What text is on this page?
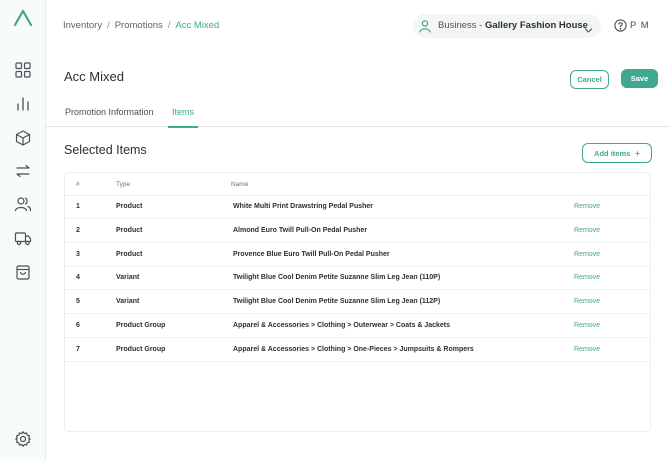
Inventory / Promotions / Acc Mixed	Business - Gallery Fashion House	P M
Acc Mixed	Cancel	Save
Promotion Information Items
Selected Items	Add items +
#	Type	Name
1	Product	White Multi Print Drawstring Pedal Pusher	Remove
2	Product	Almond Euro Twill Pull-On Pedal Pusher	Remove
3	Product	Provence Blue Euro Twill Pull-On Pedal Pusher	Remove
4	Variant	Twilight Blue Cool Denim Petite Suzanne Slim Leg Jean (110P)	Remove
5	Variant	Twilight Blue Cool Denim Petite Suzanne Slim Leg Jean (112P)	Remove
6	Product Group	Apparel & Accessories > Clothing > Outerwear > Coats & Jackets	Remove
7	Product Group	Apparel & Accessories > Clothing > One-Pieces > Jumpsuits & Rompers	Remove
